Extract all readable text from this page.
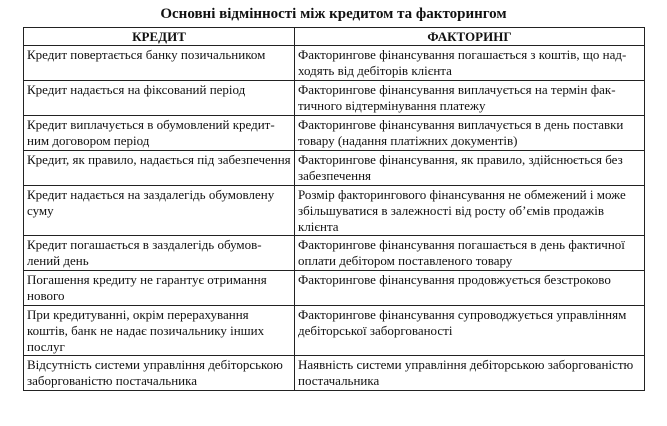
Основні відмінності між кредитом та факторингом
КРЕДИТ	ФАКТОРИНГ

Кредит повертається банку позичальником	Факторингове фінансування погашається з коштів, що над-ходять від дебіторів клієнта

Кредит надається на фіксований період	Факторингове фінансування виплачується на термін фак-тичного відтермінування платежу

Кредит виплачується в обумовлений кредит-ним договором період	Факторингове фінансування виплачується в день поставки товару (надання платіжних документів)

Кредит, як правило, надається під забезпечення	Факторингове фінансування, як правило, здійснюється без забезпечення

Кредит надається на заздалегідь обумовлену суму	Розмір факторингового фінансування не обмежений і може збільшуватися в залежності від росту об’ємів продажів клієнта

Кредит погашається в заздалегідь обумов-лений день	Факторингове фінансування погашається в день фактичної оплати дебітором поставленого товару

Погашення кредиту не гарантує отримання нового	Факторингове фінансування продовжується безстроково

При кредитуванні, окрім перерахування коштів, банк не надає позичальнику інших послуг	Факторингове фінансування супроводжується управлінням дебіторської заборгованості

Відсутність системи управління дебіторською заборгованістю постачальника	Наявність системи управління дебіторською заборгованістю постачальника
